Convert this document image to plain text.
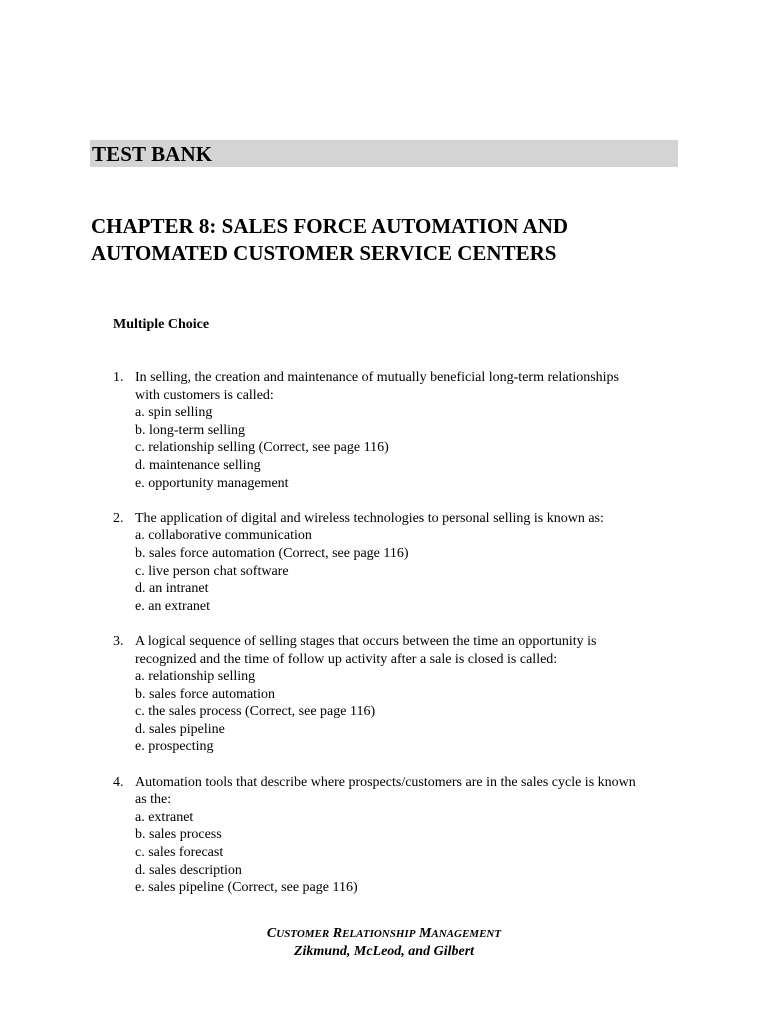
TEST BANK
CHAPTER 8: SALES FORCE AUTOMATION AND
AUTOMATED CUSTOMER SERVICE CENTERS
Multiple Choice
1. In selling, the creation and maintenance of mutually beneficial long-term relationships
with customers is called:
a. spin selling
b. long-term selling
c. relationship selling (Correct, see page 116)
d. maintenance selling
e. opportunity management
2. The application of digital and wireless technologies to personal selling is known as:
a. collaborative communication
b. sales force automation (Correct, see page 116)
c. live person chat software
d. an intranet
e. an extranet
3. A logical sequence of selling stages that occurs between the time an opportunity is
recognized and the time of follow up activity after a sale is closed is called:
a. relationship selling
b. sales force automation
c. the sales process (Correct, see page 116)
d. sales pipeline
e. prospecting
4. Automation tools that describe where prospects/customers are in the sales cycle is known
as the:
a. extranet
b. sales process
c. sales forecast
d. sales description
e. sales pipeline (Correct, see page 116)
CUSTOMER RELATIONSHIP MANAGEMENT
Zikmund, McLeod, and Gilbert
